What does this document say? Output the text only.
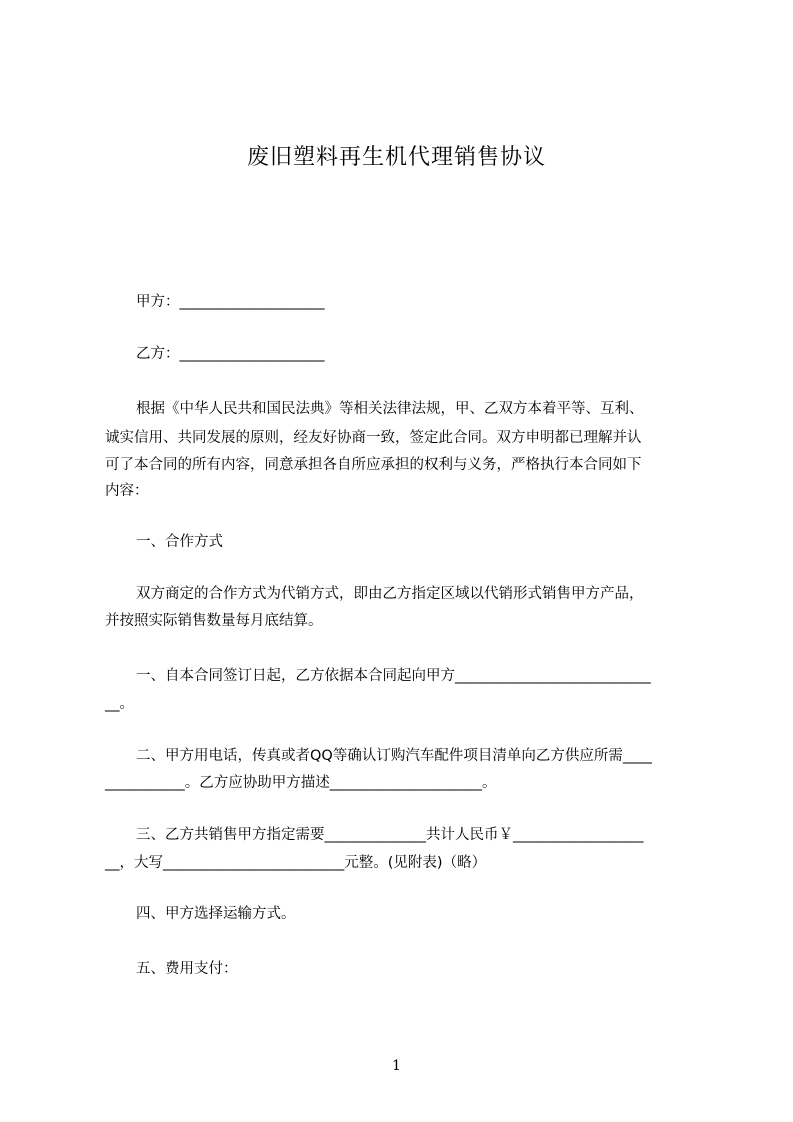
废旧塑料再生机代理销售协议
甲方：____________________
乙方：____________________
根据《中华人民共和国民法典》等相关法律法规，甲、乙双方本着平等、互利、
诚实信用、共同发展的原则，经友好协商一致，签定此合同。双方申明都已理解并认
可了本合同的所有内容，同意承担各自所应承担的权利与义务，严格执行本合同如下
内容：
一、合作方式
双方商定的合作方式为代销方式，即由乙方指定区域以代销形式销售甲方产品，
并按照实际销售数量每月底结算。
一、自本合同签订日起，乙方依据本合同起向甲方___________________________
__。
二、甲方用电话，传真或者QQ等确认订购汽车配件项目清单向乙方供应所需____
___________。乙方应协助甲方描述_____________________。
三、乙方共销售甲方指定需要______________共计人民币￥__________________
__，大写_________________________元整。(见附表)（略）
四、甲方选择运输方式。
五、费用支付：
1
